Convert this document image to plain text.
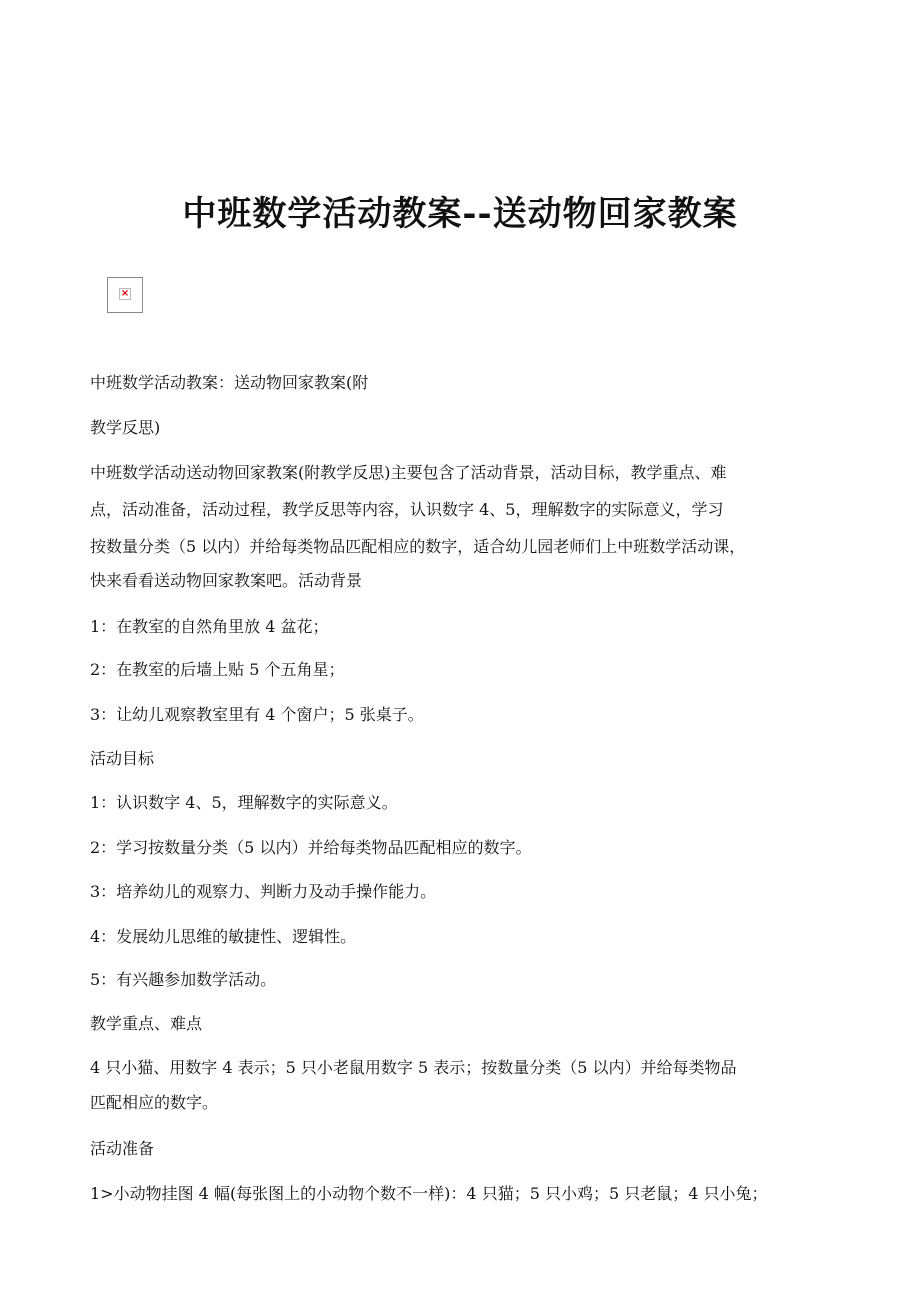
中班数学活动教案--送动物回家教案
×
中班数学活动教案：送动物回家教案(附
教学反思)
中班数学活动送动物回家教案(附教学反思)主要包含了活动背景，活动目标，教学重点、难
点，活动准备，活动过程，教学反思等内容，认识数字 4、5，理解数字的实际意义，学习
按数量分类（5 以内）并给每类物品匹配相应的数字，适合幼儿园老师们上中班数学活动课，
快来看看送动物回家教案吧。活动背景
1：在教室的自然角里放 4 盆花；
2：在教室的后墙上贴 5 个五角星；
3：让幼儿观察教室里有 4 个窗户；5 张桌子。
活动目标
1：认识数字 4、5，理解数字的实际意义。
2：学习按数量分类（5 以内）并给每类物品匹配相应的数字。
3：培养幼儿的观察力、判断力及动手操作能力。
4：发展幼儿思维的敏捷性、逻辑性。
5：有兴趣参加数学活动。
教学重点、难点
4 只小猫、用数字 4 表示；5 只小老鼠用数字 5 表示；按数量分类（5 以内）并给每类物品
匹配相应的数字。
活动准备
1>小动物挂图 4 幅(每张图上的小动物个数不一样)：4 只猫；5 只小鸡；5 只老鼠；4 只小兔；
